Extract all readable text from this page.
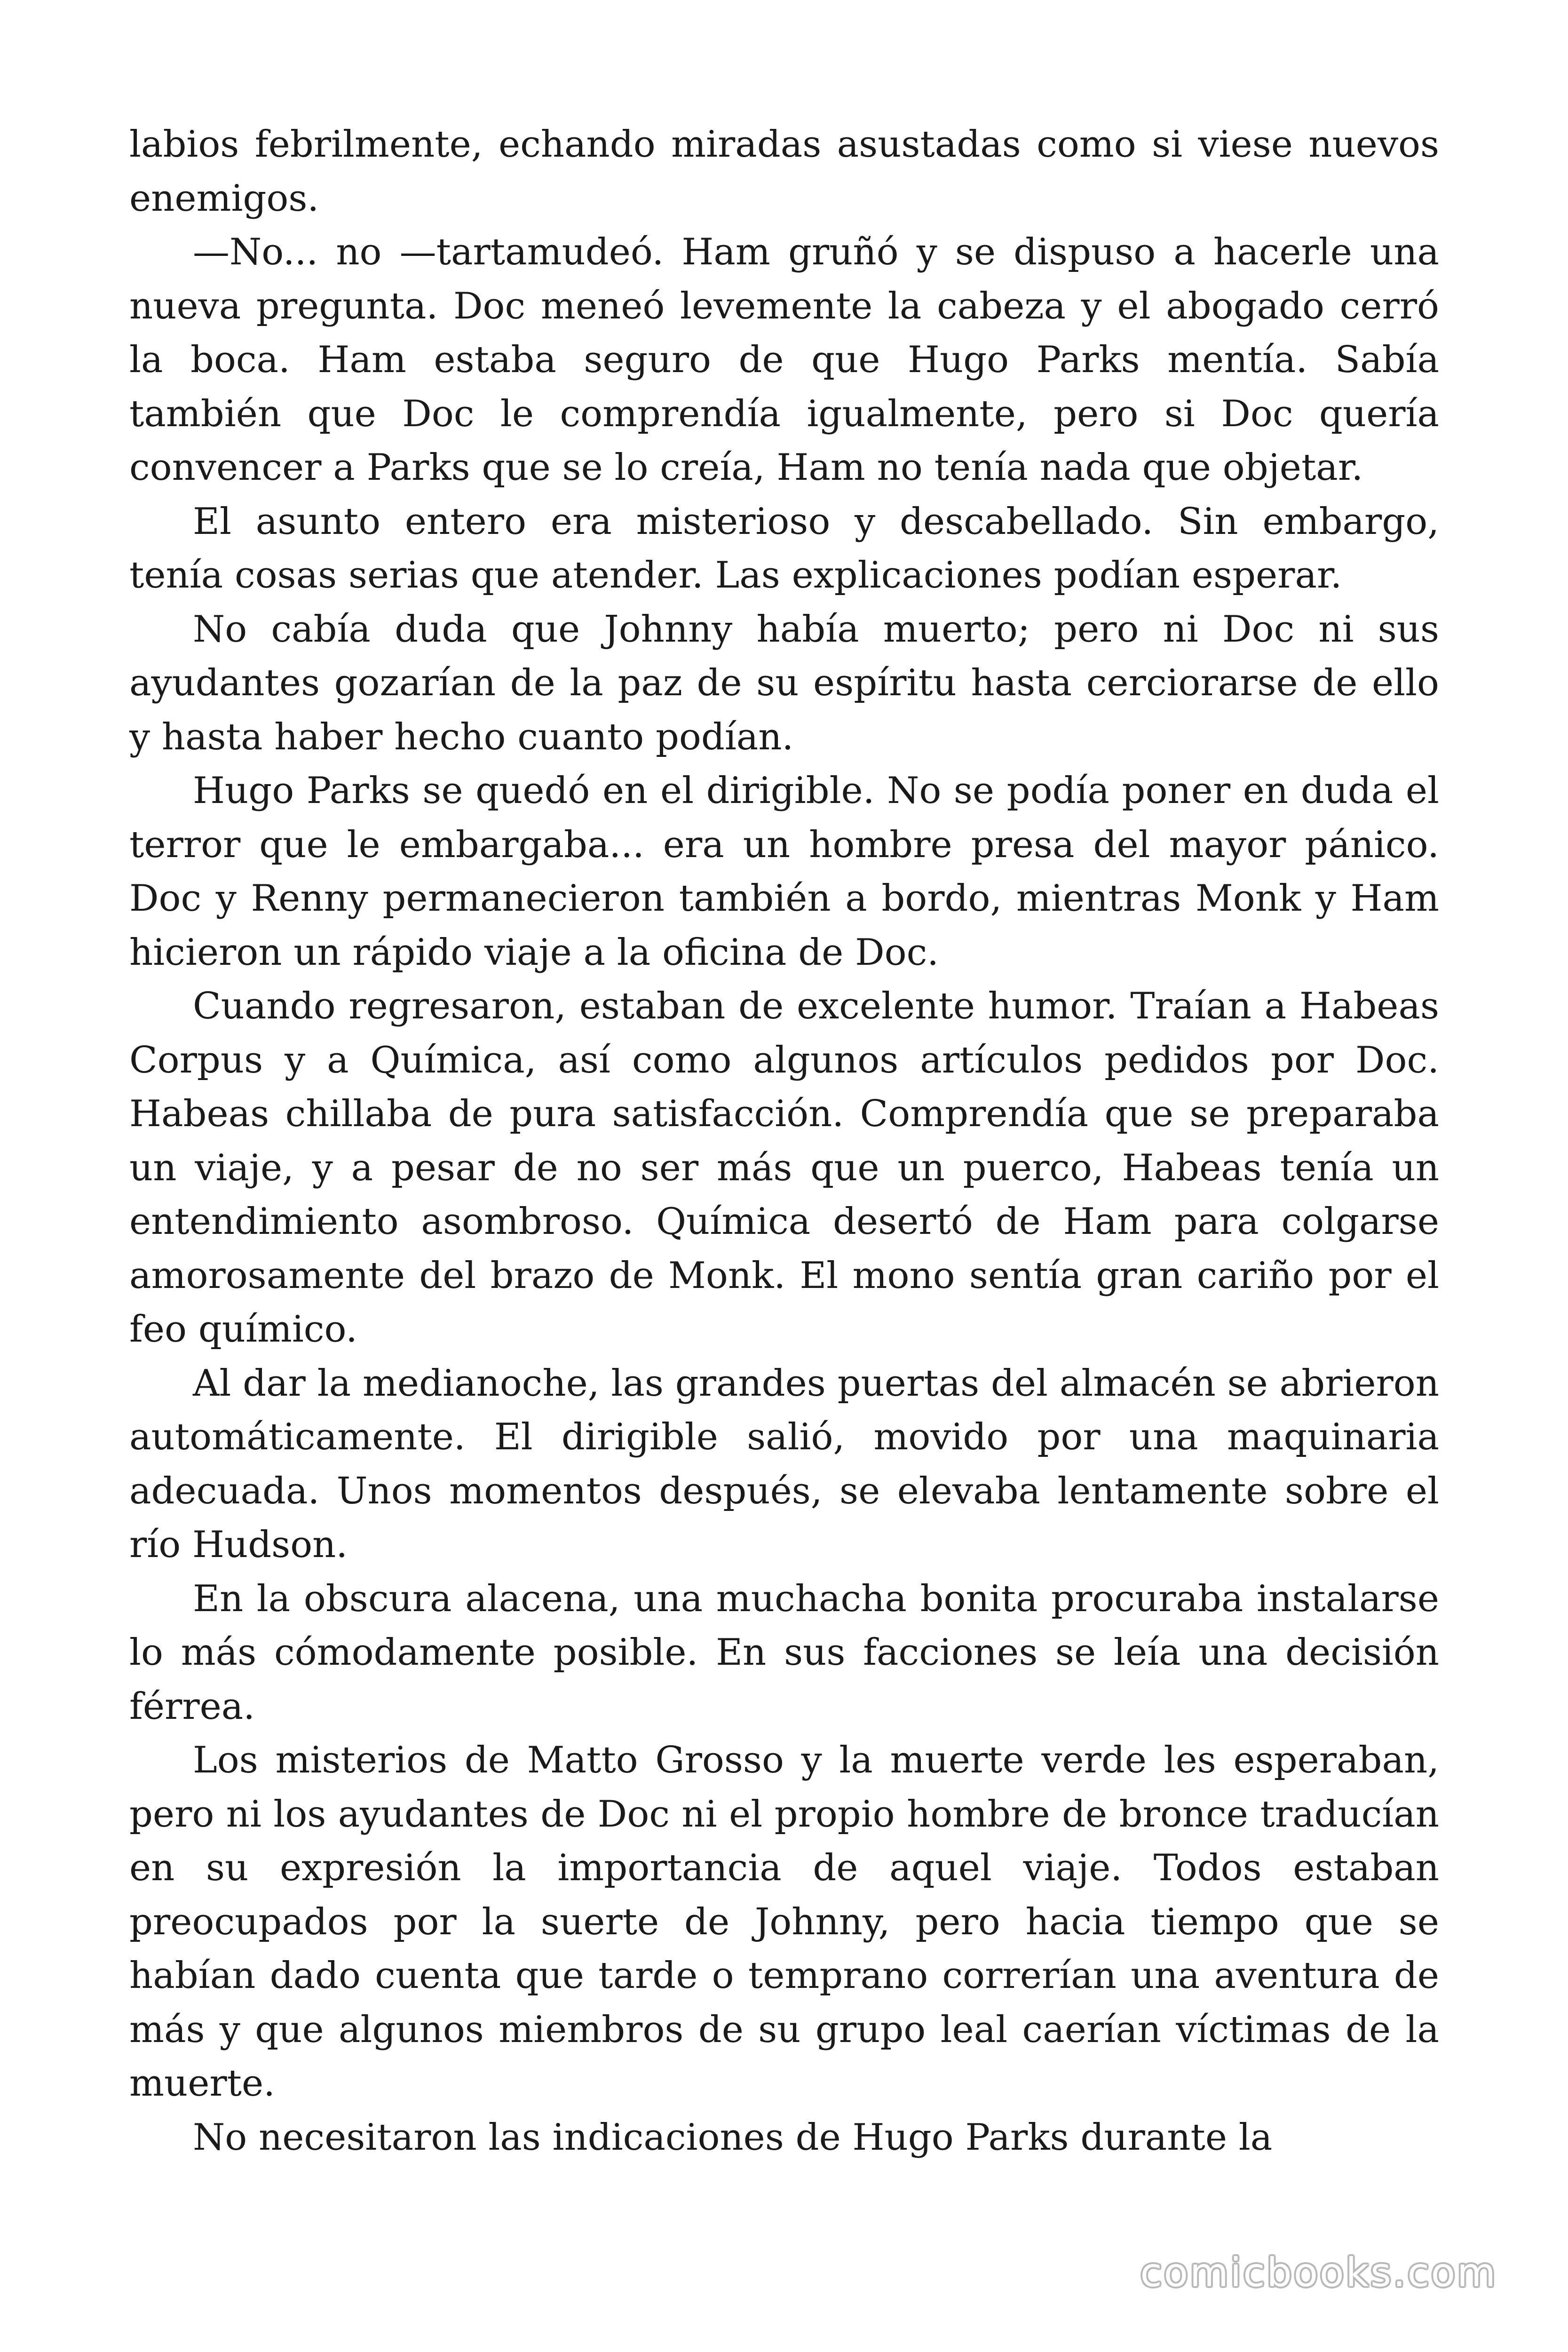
labios febrilmente, echando miradas asustadas como si viese nuevos enemigos.

—No... no —tartamudeó. Ham gruñó y se dispuso a hacerle una nueva pregunta. Doc meneó levemente la cabeza y el abogado cerró la boca. Ham estaba seguro de que Hugo Parks mentía. Sabía también que Doc le comprendía igualmente, pero si Doc quería convencer a Parks que se lo creía, Ham no tenía nada que objetar.

El asunto entero era misterioso y descabellado. Sin embargo, tenía cosas serias que atender. Las explicaciones podían esperar.

No cabía duda que Johnny había muerto; pero ni Doc ni sus ayudantes gozarían de la paz de su espíritu hasta cerciorarse de ello y hasta haber hecho cuanto podían.

Hugo Parks se quedó en el dirigible. No se podía poner en duda el terror que le embargaba... era un hombre presa del mayor pánico. Doc y Renny permanecieron también a bordo, mientras Monk y Ham hicieron un rápido viaje a la oficina de Doc.

Cuando regresaron, estaban de excelente humor. Traían a Habeas Corpus y a Química, así como algunos artículos pedidos por Doc. Habeas chillaba de pura satisfacción. Comprendía que se preparaba un viaje, y a pesar de no ser más que un puerco, Habeas tenía un entendimiento asombroso. Química desertó de Ham para colgarse amorosamente del brazo de Monk. El mono sentía gran cariño por el feo químico.

Al dar la medianoche, las grandes puertas del almacén se abrieron automáticamente. El dirigible salió, movido por una maquinaria adecuada. Unos momentos después, se elevaba lentamente sobre el río Hudson.

En la obscura alacena, una muchacha bonita procuraba instalarse lo más cómodamente posible. En sus facciones se leía una decisión férrea.

Los misterios de Matto Grosso y la muerte verde les esperaban, pero ni los ayudantes de Doc ni el propio hombre de bronce traducían en su expresión la importancia de aquel viaje. Todos estaban preocupados por la suerte de Johnny, pero hacia tiempo que se habían dado cuenta que tarde o temprano correrían una aventura de más y que algunos miembros de su grupo leal caerían víctimas de la muerte.

No necesitaron las indicaciones de Hugo Parks durante la

comicbooks.com
